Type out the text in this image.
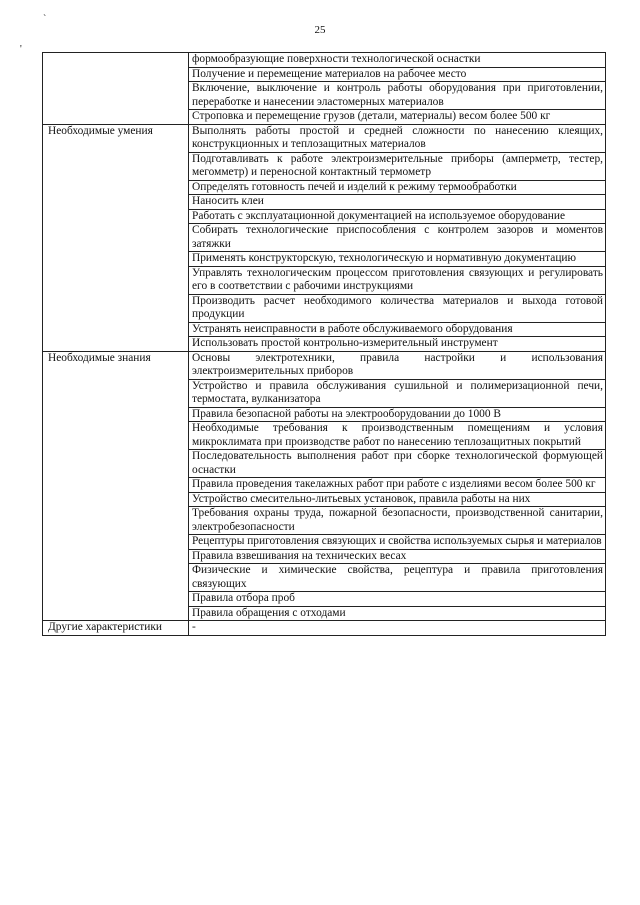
25
`
'
	формообразующие поверхности технологической оснастки
	Получение и перемещение материалов на рабочее место
	Включение, выключение и контроль работы оборудования при приготовлении, переработке и нанесении эластомерных материалов
	Строповка и перемещение грузов (детали, материалы) весом более 500 кг
Необходимые умения	Выполнять работы простой и средней сложности по нанесению клеящих, конструкционных и теплозащитных материалов
	Подготавливать к работе электроизмерительные приборы (амперметр, тестер, мегомметр) и переносной контактный термометр
	Определять готовность печей и изделий к режиму термообработки
	Наносить клеи
	Работать с эксплуатационной документацией на используемое оборудование
	Собирать технологические приспособления с контролем зазоров и моментов затяжки
	Применять конструкторскую, технологическую и нормативную документацию
	Управлять технологическим процессом приготовления связующих и регулировать его в соответствии с рабочими инструкциями
	Производить расчет необходимого количества материалов и выхода готовой продукции
	Устранять неисправности в работе обслуживаемого оборудования
	Использовать простой контрольно-измерительный инструмент
Необходимые знания	Основы электротехники, правила настройки и использования электроизмерительных приборов
	Устройство и правила обслуживания сушильной и полимеризационной печи, термостата, вулканизатора
	Правила безопасной работы на электрооборудовании до 1000 В
	Необходимые требования к производственным помещениям и условия микроклимата при производстве работ по нанесению теплозащитных покрытий
	Последовательность выполнения работ при сборке технологической формующей оснастки
	Правила проведения такелажных работ при работе с изделиями весом более 500 кг
	Устройство смесительно-литьевых установок, правила работы на них
	Требования охраны труда, пожарной безопасности, производственной санитарии, электробезопасности
	Рецептуры приготовления связующих и свойства используемых сырья и материалов
	Правила взвешивания на технических весах
	Физические и химические свойства, рецептура и правила приготовления связующих
	Правила отбора проб
	Правила обращения с отходами
Другие характеристики	-
